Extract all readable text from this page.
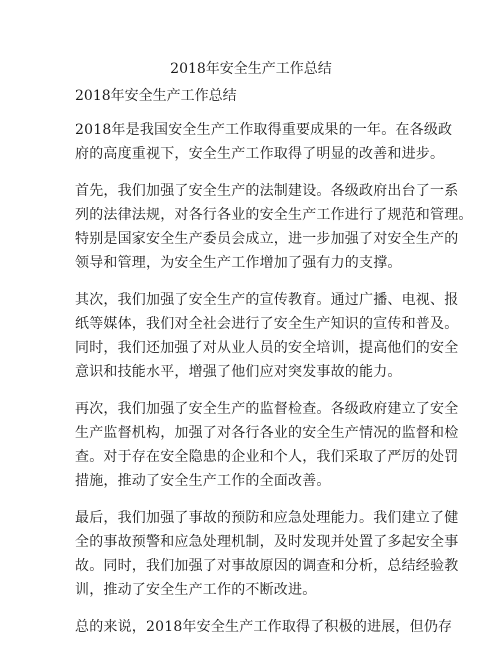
2018年安全生产工作总结
2018年安全生产工作总结
2018年是我国安全生产工作取得重要成果的一年。在各级政
府的高度重视下，安全生产工作取得了明显的改善和进步。
首先，我们加强了安全生产的法制建设。各级政府出台了一系
列的法律法规，对各行各业的安全生产工作进行了规范和管理。
特别是国家安全生产委员会成立，进一步加强了对安全生产的
领导和管理，为安全生产工作增加了强有力的支撑。
其次，我们加强了安全生产的宣传教育。通过广播、电视、报
纸等媒体，我们对全社会进行了安全生产知识的宣传和普及。
同时，我们还加强了对从业人员的安全培训，提高他们的安全
意识和技能水平，增强了他们应对突发事故的能力。
再次，我们加强了安全生产的监督检查。各级政府建立了安全
生产监督机构，加强了对各行各业的安全生产情况的监督和检
查。对于存在安全隐患的企业和个人，我们采取了严厉的处罚
措施，推动了安全生产工作的全面改善。
最后，我们加强了事故的预防和应急处理能力。我们建立了健
全的事故预警和应急处理机制，及时发现并处置了多起安全事
故。同时，我们加强了对事故原因的调查和分析，总结经验教
训，推动了安全生产工作的不断改进。
总的来说，2018年安全生产工作取得了积极的进展，但仍存
